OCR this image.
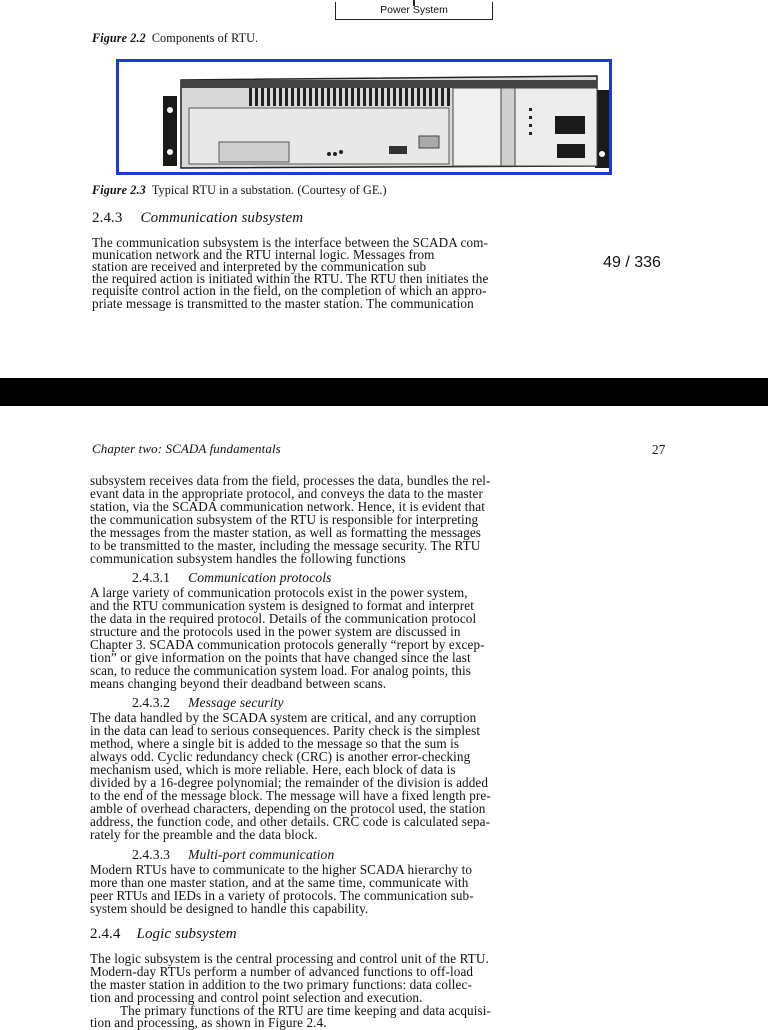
Power System
Figure 2.2 Components of RTU.
Figure 2.3 Typical RTU in a substation. (Courtesy of GE.)
2.4.3 Communication subsystem
The communication subsystem is the interface between the SCADA com-
munication network and the RTU internal logic. Messages from
station are received and interpreted by the communication sub
the required action is initiated within the RTU. The RTU then initiates the
requisite control action in the field, on the completion of which an appro-
priate message is transmitted to the master station. The communication
49 / 336
Chapter two: SCADA fundamentals	27
subsystem receives data from the field, processes the data, bundles the rel-
evant data in the appropriate protocol, and conveys the data to the master
station, via the SCADA communication network. Hence, it is evident that
the communication subsystem of the RTU is responsible for interpreting
the messages from the master station, as well as formatting the messages
to be transmitted to the master, including the message security. The RTU
communication subsystem handles the following functions
2.4.3.1 Communication protocols
A large variety of communication protocols exist in the power system,
and the RTU communication system is designed to format and interpret
the data in the required protocol. Details of the communication protocol
structure and the protocols used in the power system are discussed in
Chapter 3. SCADA communication protocols generally “report by excep-
tion” or give information on the points that have changed since the last
scan, to reduce the communication system load. For analog points, this
means changing beyond their deadband between scans.
2.4.3.2 Message security
The data handled by the SCADA system are critical, and any corruption
in the data can lead to serious consequences. Parity check is the simplest
method, where a single bit is added to the message so that the sum is
always odd. Cyclic redundancy check (CRC) is another error-checking
mechanism used, which is more reliable. Here, each block of data is
divided by a 16-degree polynomial; the remainder of the division is added
to the end of the message block. The message will have a fixed length pre-
amble of overhead characters, depending on the protocol used, the station
address, the function code, and other details. CRC code is calculated sepa-
rately for the preamble and the data block.
2.4.3.3 Multi-port communication
Modern RTUs have to communicate to the higher SCADA hierarchy to
more than one master station, and at the same time, communicate with
peer RTUs and IEDs in a variety of protocols. The communication sub-
system should be designed to handle this capability.
2.4.4 Logic subsystem
The logic subsystem is the central processing and control unit of the RTU.
Modern-day RTUs perform a number of advanced functions to off-load
the master station in addition to the two primary functions: data collec-
tion and processing and control point selection and execution.
The primary functions of the RTU are time keeping and data acquisi-
tion and processing, as shown in Figure 2.4.
